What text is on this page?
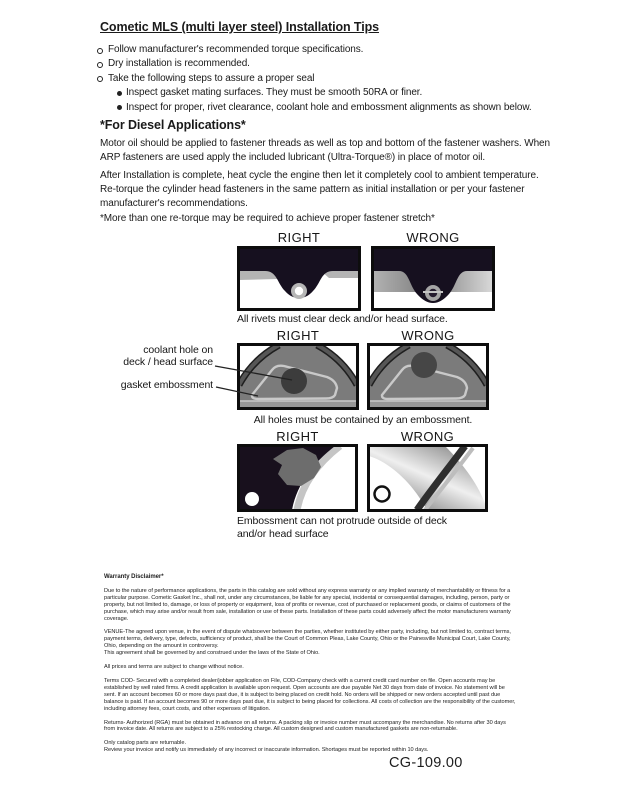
Cometic MLS (multi layer steel) Installation Tips
Follow manufacturer's recommended torque specifications.
Dry installation is recommended.
Take the following steps to assure a proper seal
Inspect gasket mating surfaces. They must be smooth 50RA or finer.
Inspect for proper, rivet clearance, coolant hole and embossment alignments as shown below.
*For Diesel Applications*
Motor oil should be applied to fastener threads as well as top and bottom of the fastener washers. When ARP fasteners are used apply the included lubricant (Ultra-Torque®) in place of motor oil.
After Installation is complete, heat cycle the engine then let it completely cool to ambient temperature. Re-torque the cylinder head fasteners in the same pattern as initial installation or per your fastener manufacturer's recommendations.
*More than one re-torque may be required to achieve proper fastener stretch*
RIGHT	WRONG
All rivets must clear deck and/or head surface.
coolant hole on
deck / head surface
gasket embossment
RIGHT	WRONG
All holes must be contained by an embossment.
RIGHT	WRONG
Embossment can not protrude outside of deck
and/or head surface
Warranty Disclaimer*

Due to the nature of performance applications, the parts in this catalog are sold without any express warranty or any implied warranty of merchantability or fitness for a particular purpose. Cometic Gasket Inc., shall not, under any circumstances, be liable for any special, incidental or consequential damages, including, person, party or property, but not limited to, damage, or loss of property or equipment, loss of profits or revenue, cost of purchased or replacement goods, or claims of customers of the purchase, which may arise and/or result from sale, installation or use of these parts. Installation of these parts could adversely affect the motor manufacturers warranty coverage.

VENUE-The agreed upon venue, in the event of dispute whatsoever between the parties, whether instituted by either party, including, but not limited to, contract terms, payment terms, delivery, type, defects, sufficiency of product, shall be the Court of Common Pleas, Lake County, Ohio or the Painesville Municipal Court, Lake County, Ohio, depending on the amount in controversy.

This agreement shall be governed by and construed under the laws of the State of Ohio.

All prices and terms are subject to change without notice.

Terms COD- Secured with a completed dealer/jobber application on File, COD-Company check with a current credit card number on file. Open accounts may be established by well rated firms. A credit application is available upon request. Open accounts are due payable Net 30 days from date of invoice. No statement will be sent. If an account becomes 60 or more days past due, it is subject to being placed on credit hold. No orders will be shipped or new orders accepted until past due balance is paid. If an account becomes 90 or more days past due, it is subject to being placed for collections. All costs of collection are the responsibility of the customer, including attorney fees, court costs, and other expenses of litigation.

Returns- Authorized (RGA) must be obtained in advance on all returns. A packing slip or invoice number must accompany the merchandise. No returns after 30 days from invoice date. All returns are subject to a 25% restocking charge. All custom designed and custom manufactured gaskets are non-returnable.

Only catalog parts are returnable.

Review your invoice and notify us immediately of any incorrect or inaccurate information. Shortages must be reported within 10 days.

CG-109.00
